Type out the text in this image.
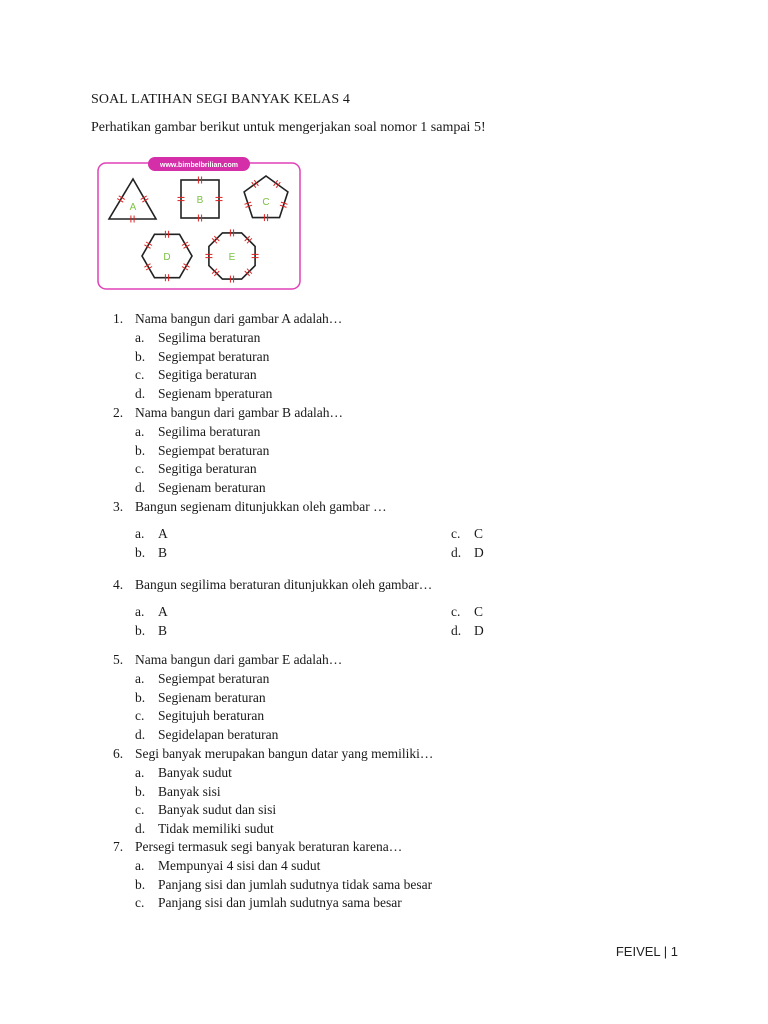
SOAL LATIHAN SEGI BANYAK KELAS 4
Perhatikan gambar berikut untuk mengerjakan soal nomor 1 sampai 5!
www.bimbelbrilian.com
A
B	C
D	E
1. Nama bangun dari gambar A adalah…
a. Segilima beraturan
b. Segiempat beraturan
c. Segitiga beraturan
d. Segienam bperaturan
2. Nama bangun dari gambar B adalah…
a. Segilima beraturan
b. Segiempat beraturan
c. Segitiga beraturan
d. Segienam beraturan
3. Bangun segienam ditunjukkan oleh gambar …
a. A
b. B
c. C
d. D
4. Bangun segilima beraturan ditunjukkan oleh gambar…
a. A
b. B
c. C
d. D
5. Nama bangun dari gambar E adalah…
a. Segiempat beraturan
b. Segienam beraturan
c. Segitujuh beraturan
d. Segidelapan beraturan
6. Segi banyak merupakan bangun datar yang memiliki…
a. Banyak sudut
b. Banyak sisi
c. Banyak sudut dan sisi
d. Tidak memiliki sudut
7. Persegi termasuk segi banyak beraturan karena…
a. Mempunyai 4 sisi dan 4 sudut
b. Panjang sisi dan jumlah sudutnya tidak sama besar
c. Panjang sisi dan jumlah sudutnya sama besar
FEIVEL | 1
